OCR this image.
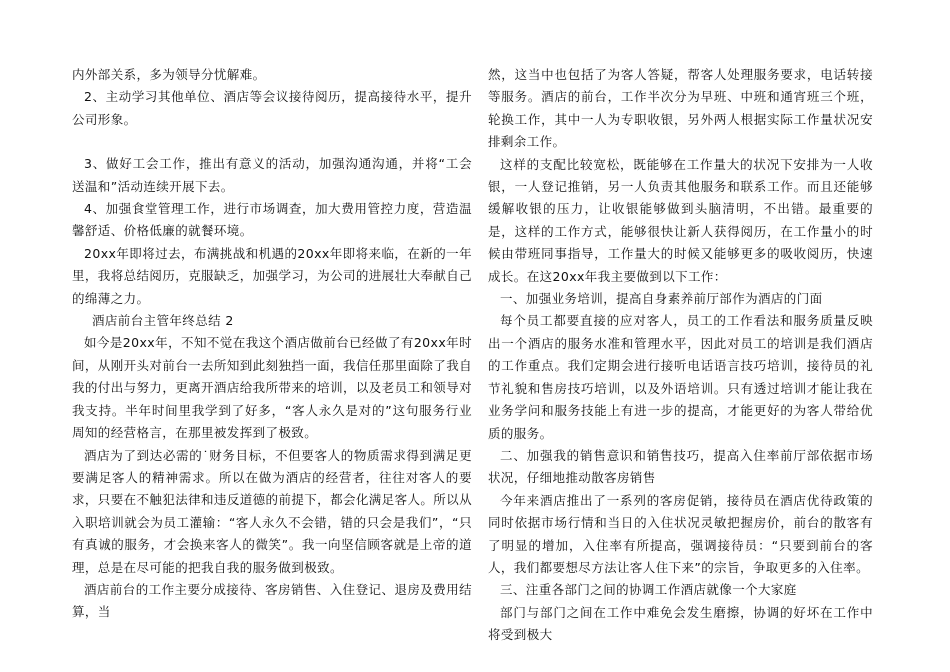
内外部关系，多为领导分忧解难。

2、主动学习其他单位、酒店等会议接待阅历，提高接待水平，提升公司形象。

3、做好工会工作，推出有意义的活动，加强沟通沟通，并将“工会送温和”活动连续开展下去。

4、加强食堂管理工作，进行市场调查，加大费用管控力度，营造温馨舒适、价格低廉的就餐环境。

20xx年即将过去，布满挑战和机遇的20xx年即将来临，在新的一年里，我将总结阅历，克服缺乏，加强学习，为公司的进展壮大奉献自己的绵薄之力。

酒店前台主管年终总结 2

如今是20xx年，不知不觉在我这个酒店做前台已经做了有20xx年时间，从刚开头对前台一去所知到此刻独挡一面，我信任那里面除了我自我的付出与努力，更离开酒店给我所带来的培训，以及老员工和领导对我支持。半年时间里我学到了好多，“客人永久是对的”这句服务行业周知的经营格言，在那里被发挥到了极致。

酒店为了到达必需的˙财务目标，不但要客人的物质需求得到满足更要满足客人的精神需求。所以在做为酒店的经营者，往往对客人的要求，只要在不触犯法律和违反道德的前提下，都会化满足客人。所以从入职培训就会为员工灌输：“客人永久不会错，错的只会是我们”，“只有真诚的服务，才会换来客人的微笑”。我一向坚信顾客就是上帝的道理，总是在尽可能的把我自我的服务做到极致。

酒店前台的工作主要分成接待、客房销售、入住登记、退房及费用结算，当

然，这当中也包括了为客人答疑，帮客人处理服务要求，电话转接等服务。酒店的前台，工作半次分为早班、中班和通宵班三个班，轮换工作，其中一人为专职收银，另外两人根据实际工作量状况安排剩余工作。

这样的支配比较宽松，既能够在工作量大的状况下安排为一人收银，一人登记推销，另一人负责其他服务和联系工作。而且还能够缓解收银的压力，让收银能够做到头脑清明，不出错。最重要的是，这样的工作方式，能够很快让新人获得阅历，在工作量小的时候由带班同事指导，工作量大的时候又能够更多的吸收阅历，快速成长。在这20xx年我主要做到以下工作：

一、加强业务培训，提高自身素养前厅部作为酒店的门面

每个员工都要直接的应对客人，员工的工作看法和服务质量反映出一个酒店的服务水准和管理水平，因此对员工的培训是我们酒店的工作重点。我们定期会进行接听电话语言技巧培训，接待员的礼节礼貌和售房技巧培训，以及外语培训。只有透过培训才能让我在业务学问和服务技能上有进一步的提高，才能更好的为客人带给优质的服务。

二、加强我的销售意识和销售技巧，提高入住率前厅部依据市场状况，仔细地推动散客房销售

今年来酒店推出了一系列的客房促销，接待员在酒店优待政策的同时依据市场行情和当日的入住状况灵敏把握房价，前台的散客有了明显的增加，入住率有所提高，强调接待员：“只要到前台的客人，我们都要想尽方法让客人住下来”的宗旨，争取更多的入住率。

三、注重各部门之间的协调工作酒店就像一个大家庭

部门与部门之间在工作中难免会发生磨擦，协调的好坏在工作中将受到极大
